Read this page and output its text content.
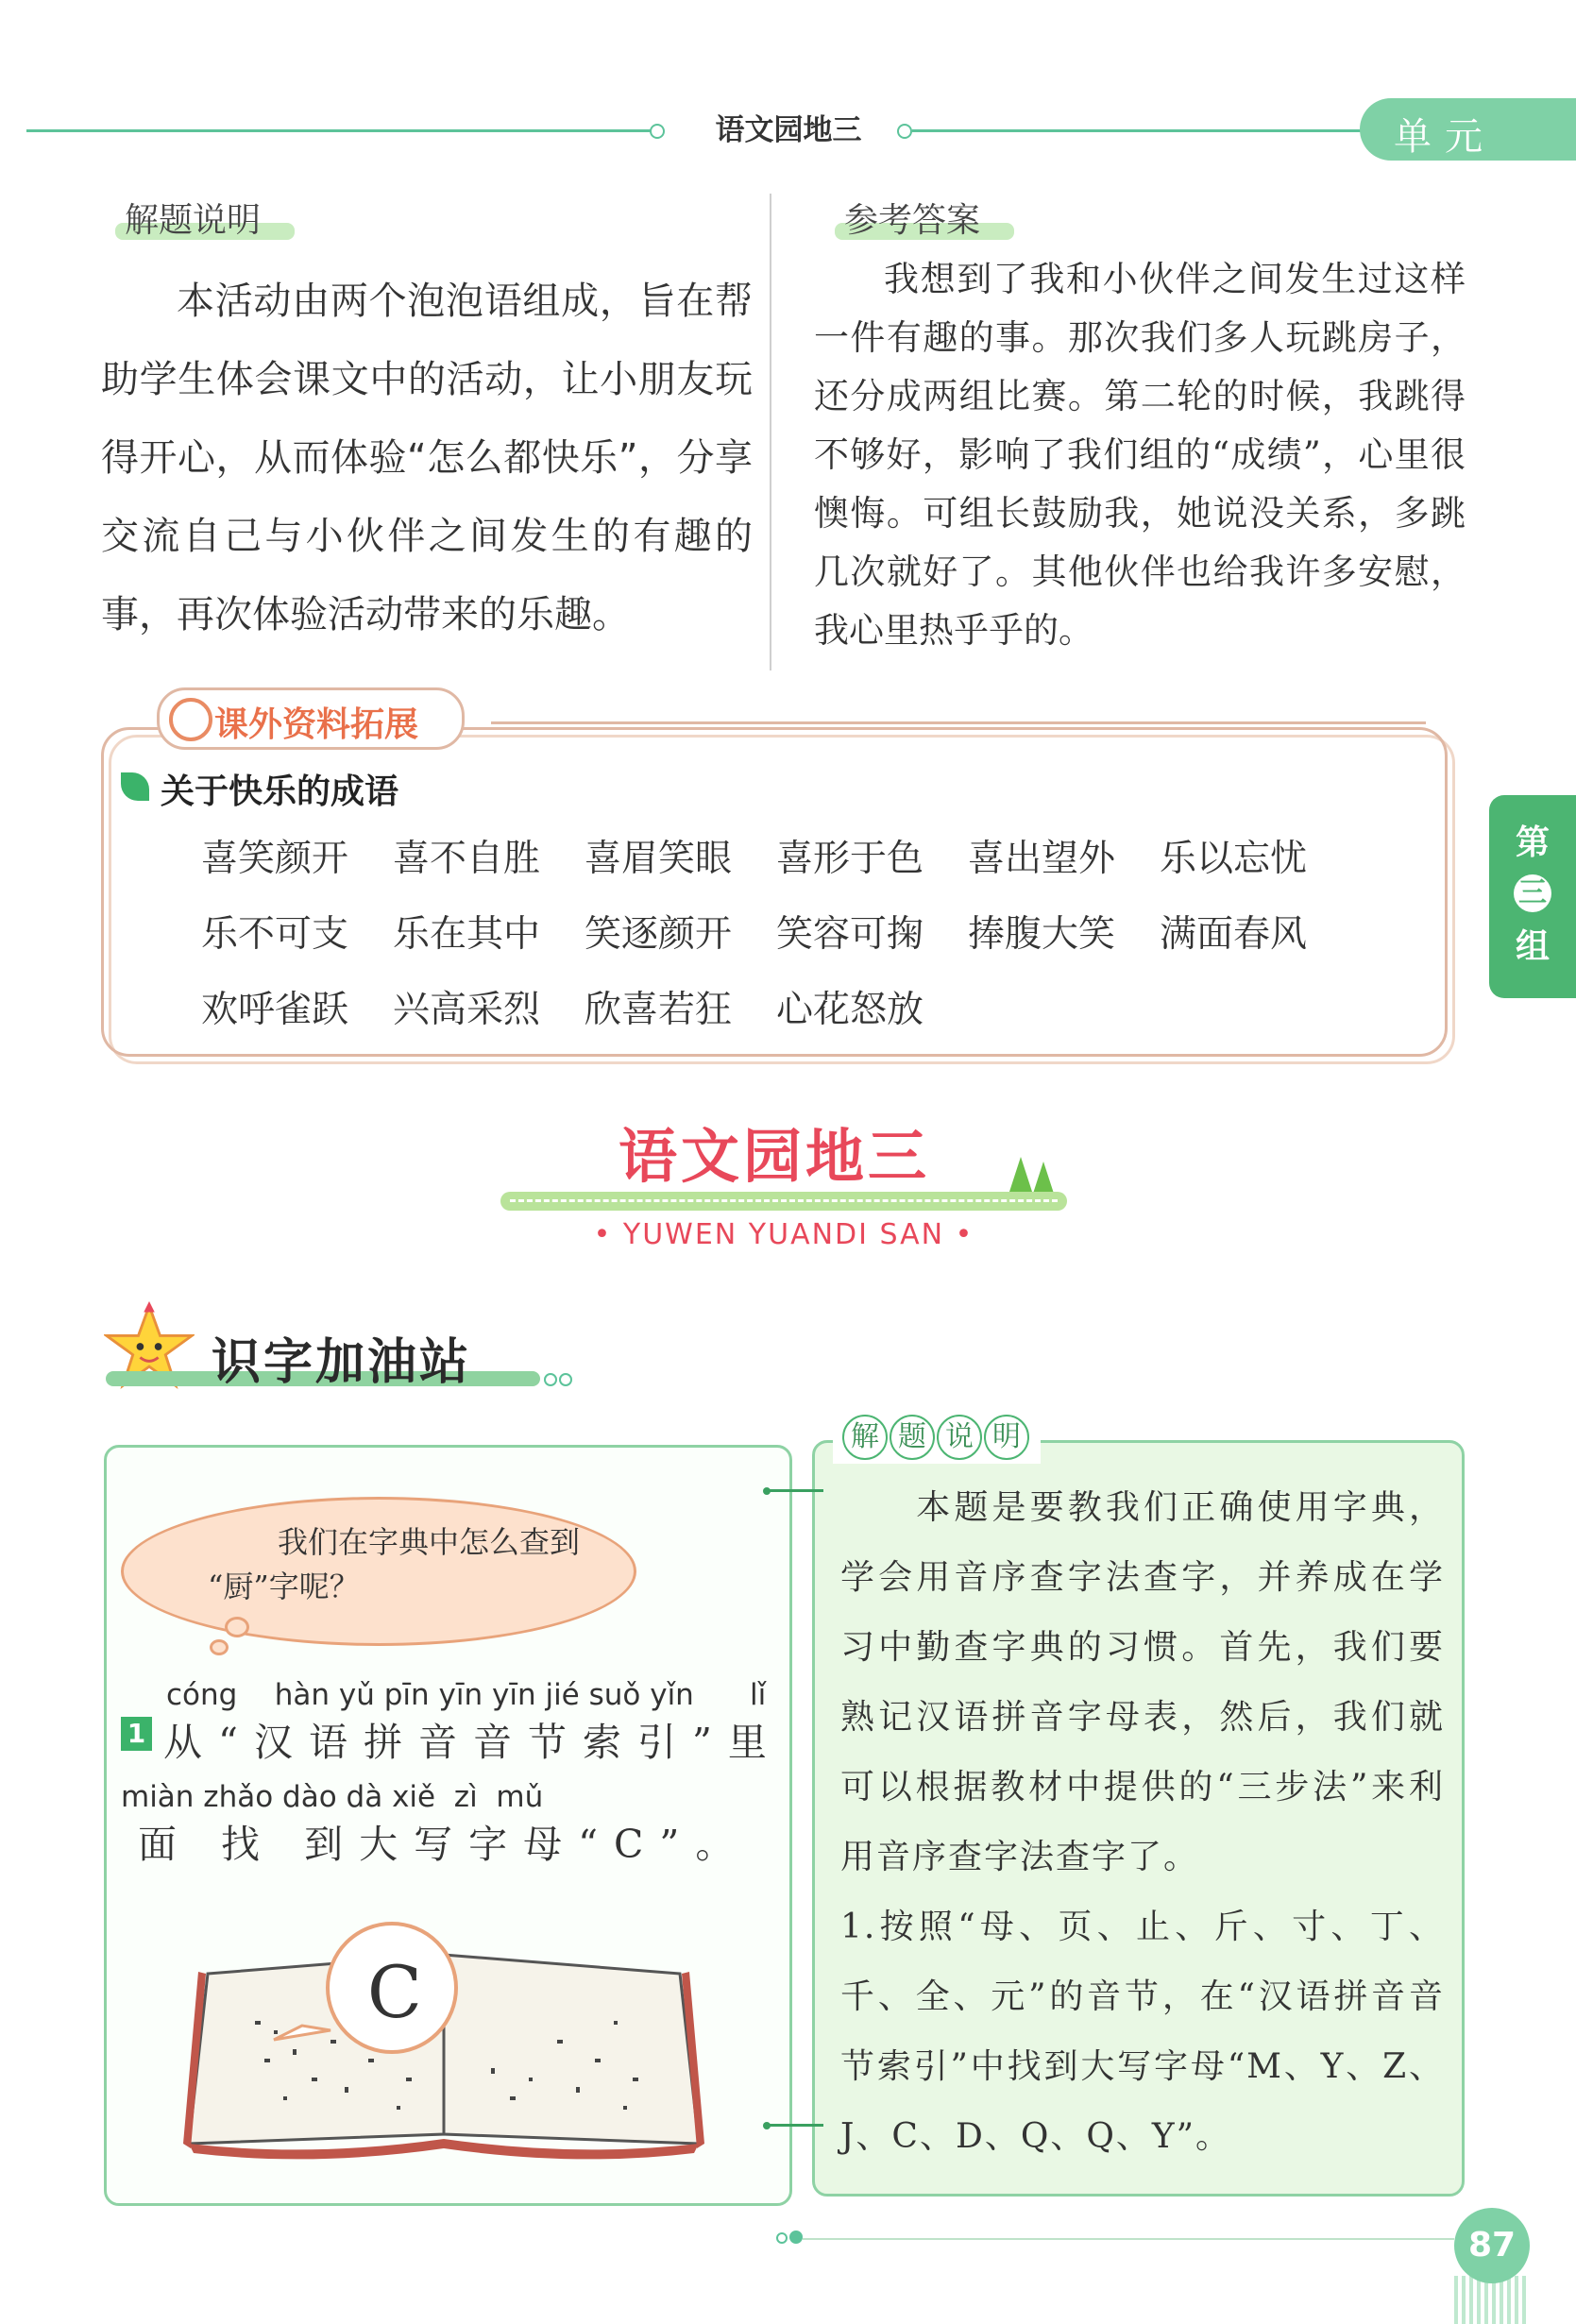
语文园地三	单元
解题说明
本活动由两个泡泡语组成，旨在帮助学生体会课文中的活动，让小朋友玩得开心，从而体验“怎么都快乐”，分享交流自己与小伙伴之间发生的有趣的事，再次体验活动带来的乐趣。
参考答案
我想到了我和小伙伴之间发生过这样一件有趣的事。那次我们多人玩跳房子，还分成两组比赛。第二轮的时候，我跳得不够好，影响了我们组的“成绩”，心里很懊悔。可组长鼓励我，她说没关系，多跳几次就好了。其他伙伴也给我许多安慰，我心里热乎乎的。
课外资料拓展
关于快乐的成语
喜笑颜开	喜不自胜	喜眉笑眼	喜形于色	喜出望外	乐以忘忧
乐不可支	乐在其中	笑逐颜开	笑容可掬	捧腹大笑	满面春风
欢呼雀跃	兴高采烈	欣喜若狂	心花怒放
第
三
组
语文园地三
• YUWEN YUANDI SAN •
识字加油站
我们在字典中怎么查到
“厨”字呢？
cóng    hàn yǔ pīn yīn yīn jié suǒ yǐn      lǐ
1 从“汉语拼音音节索引”里
miàn zhǎo dào dà xiě  zì  mǔ
面 找 到大写字母“C”。
C
解 题 说 明
　　本题是要教我们正确使用字典，学会用音序查字法查字，并养成在学习中勤查字典的习惯。首先，我们要熟记汉语拼音字母表，然后，我们就可以根据教材中提供的“三步法”来利用音序查字法查字了。
1.按照“母、页、止、斤、寸、丁、千、全、元”的音节，在“汉语拼音音节索引”中找到大写字母“M、Y、Z、J、C、D、Q、Q、Y”。
87
